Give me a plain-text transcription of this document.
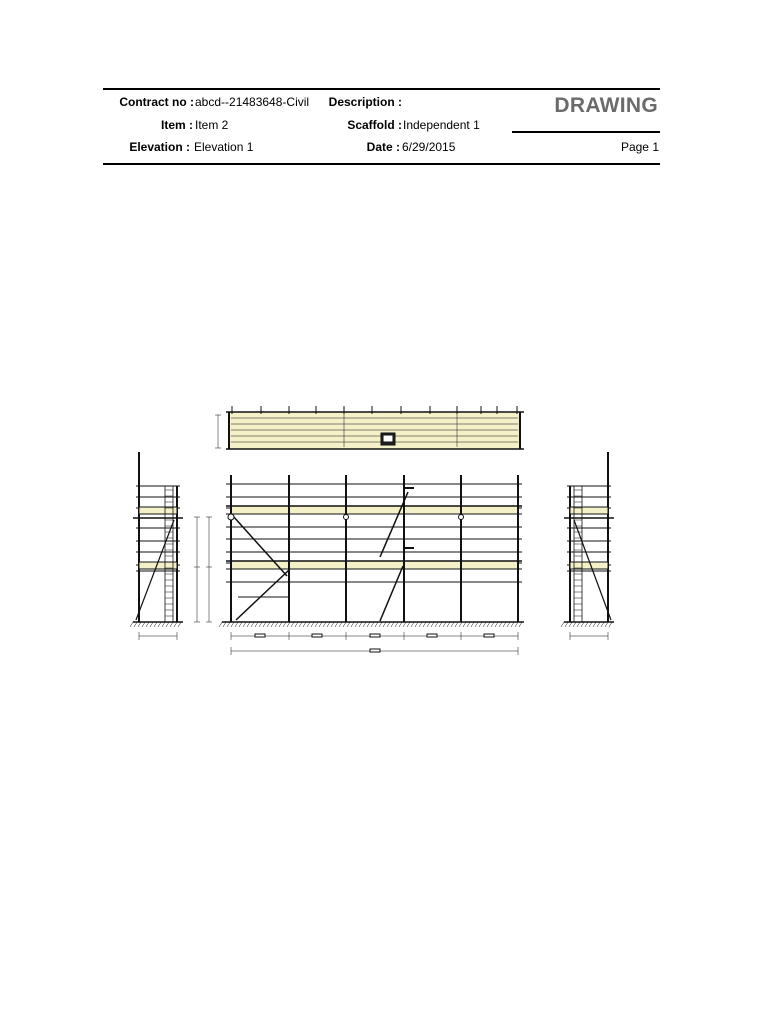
Contract no : abcd--21483648-Civil	Description :
Item : Item 2	Scaffold : Independent 1
Elevation : Elevation 1	Date : 6/29/2015
DRAWING
Page 1
